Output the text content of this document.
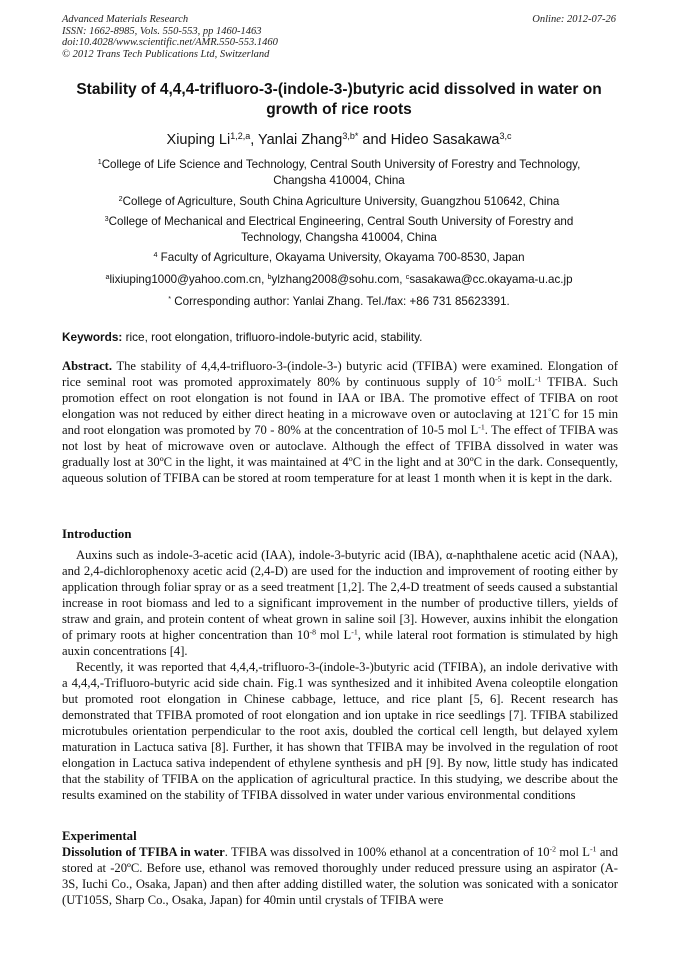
Advanced Materials Research
ISSN: 1662-8985, Vols. 550-553, pp 1460-1463
doi:10.4028/www.scientific.net/AMR.550-553.1460
© 2012 Trans Tech Publications Ltd, Switzerland
Online: 2012-07-26
Stability of 4,4,4-trifluoro-3-(indole-3-)butyric acid dissolved in water on
growth of rice roots
Xiuping Li$^{1,2,a}$, Yanlai Zhang$^{3,b*}$ and Hideo Sasakawa$^{3,c}$
$^1$College of Life Science and Technology, Central South University of Forestry and Technology,
Changsha 410004, China
$^2$College of Agriculture, South China Agriculture University, Guangzhou 510642, China
$^3$College of Mechanical and Electrical Engineering, Central South University of Forestry and
Technology, Changsha 410004, China
$^4$ Faculty of Agriculture, Okayama University, Okayama 700-8530, Japan
$^a$lixiuping1000@yahoo.com.cn, $^b$ylzhang2008@sohu.com, $^c$sasakawa@cc.okayama-u.ac.jp
* Corresponding author: Yanlai Zhang. Tel./fax: +86 731 85623391.
Keywords: rice, root elongation, trifluoro-indole-butyric acid, stability.

Abstract. The stability of 4,4,4-trifluoro-3-(indole-3-) butyric acid (TFIBA) were examined. Elongation of rice seminal root was promoted approximately 80% by continuous supply of $10^{-5}$ molL$^{-1}$ TFIBA. Such promotion effect on root elongation is not found in IAA or IBA. The promotive effect of TFIBA on root elongation was not reduced by either direct heating in a microwave oven or autoclaving at 121°C for 15 min and root elongation was promoted by 70 - 80% at the concentration of 10-5 mol $L^{-1}$. The effect of TFIBA was not lost by heat of microwave oven or autoclave. Although the effect of TFIBA dissolved in water was gradually lost at 30ºC in the light, it was maintained at 4ºC in the light and at 30ºC in the dark. Consequently, aqueous solution of TFIBA can be stored at room temperature for at least 1 month when it is kept in the dark.

Introduction

Auxins such as indole-3-acetic acid (IAA), indole-3-butyric acid (IBA), α-naphthalene acetic acid (NAA), and 2,4-dichlorophenoxy acetic acid (2,4-D) are used for the induction and improvement of rooting either by application through foliar spray or as a seed treatment [1,2]. The 2,4-D treatment of seeds caused a substantial increase in root biomass and led to a significant improvement in the number of productive tillers, yields of straw and grain, and protein content of wheat grown in saline soil [3]. However, auxins inhibit the elongation of primary roots at higher concentration than $10^{-8}$ mol $L^{-1}$, while lateral root formation is stimulated by high auxin concentrations [4].

Recently, it was reported that 4,4,4,-trifluoro-3-(indole-3-)butyric acid (TFIBA), an indole derivative with a 4,4,4,-Trifluoro-butyric acid side chain. Fig.1 was synthesized and it inhibited Avena coleoptile elongation but promoted root elongation in Chinese cabbage, lettuce, and rice plant [5, 6]. Recent research has demonstrated that TFIBA promoted of root elongation and ion uptake in rice seedlings [7]. TFIBA stabilized microtubules orientation perpendicular to the root axis, doubled the cortical cell length, but delayed xylem maturation in Lactuca sativa [8]. Further, it has shown that TFIBA may be involved in the regulation of root elongation in Lactuca sativa independent of ethylene synthesis and pH [9]. By now, little study has indicated that the stability of TFIBA on the application of agricultural practice. In this studying, we describe about the results examined on the stability of TFIBA dissolved in water under various environmental conditions

Experimental

Dissolution of TFIBA in water. TFIBA was dissolved in 100% ethanol at a concentration of $10^{-2}$ mol $L^{-1}$ and stored at -20ºC. Before use, ethanol was removed thoroughly under reduced pressure using an aspirator (A-3S, Iuchi Co., Osaka, Japan) and then after adding distilled water, the solution was sonicated with a sonicator (UT105S, Sharp Co., Osaka, Japan) for 40min until crystals of TFIBA were
